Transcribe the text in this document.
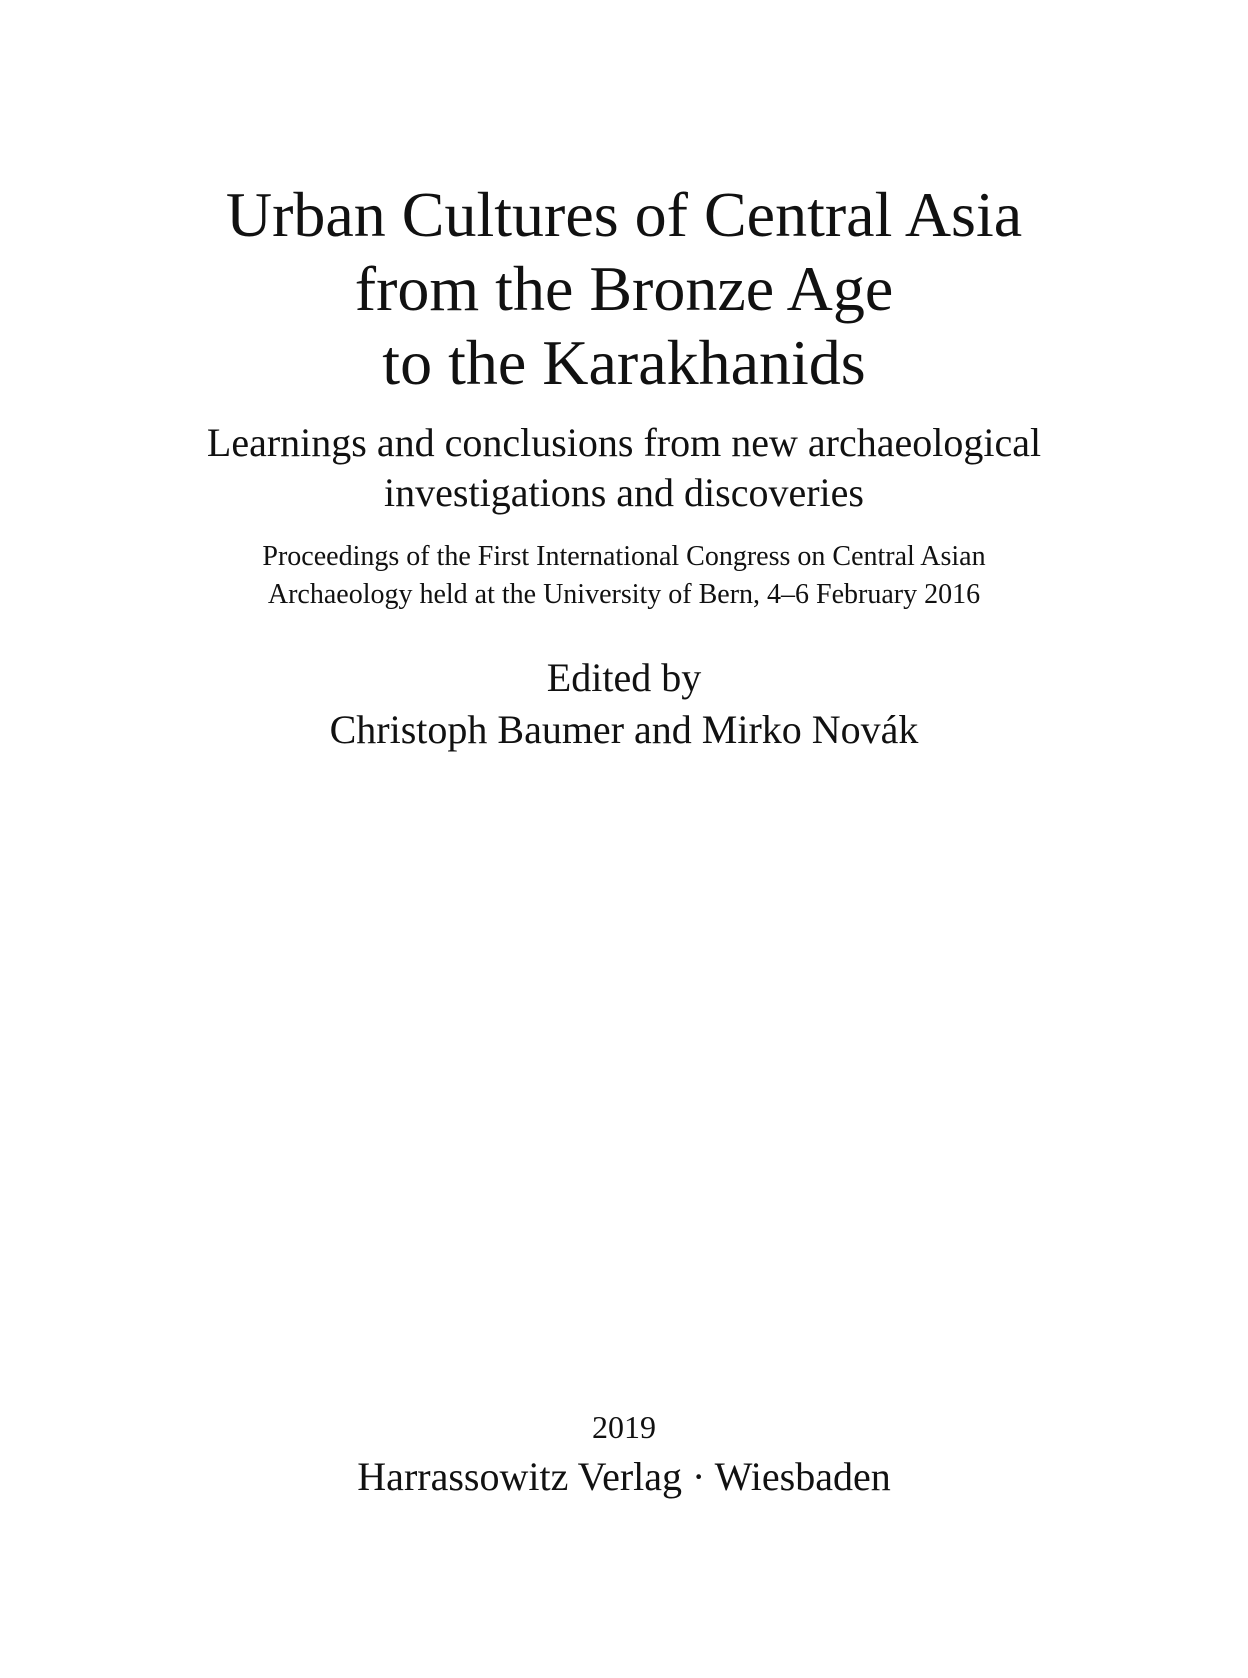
Urban Cultures of Central Asia
from the Bronze Age
to the Karakhanids
Learnings and conclusions from new archaeological
investigations and discoveries
Proceedings of the First International Congress on Central Asian
Archaeology held at the University of Bern, 4–6 February 2016
Edited by
Christoph Baumer and Mirko Novák
2019
Harrassowitz Verlag · Wiesbaden
